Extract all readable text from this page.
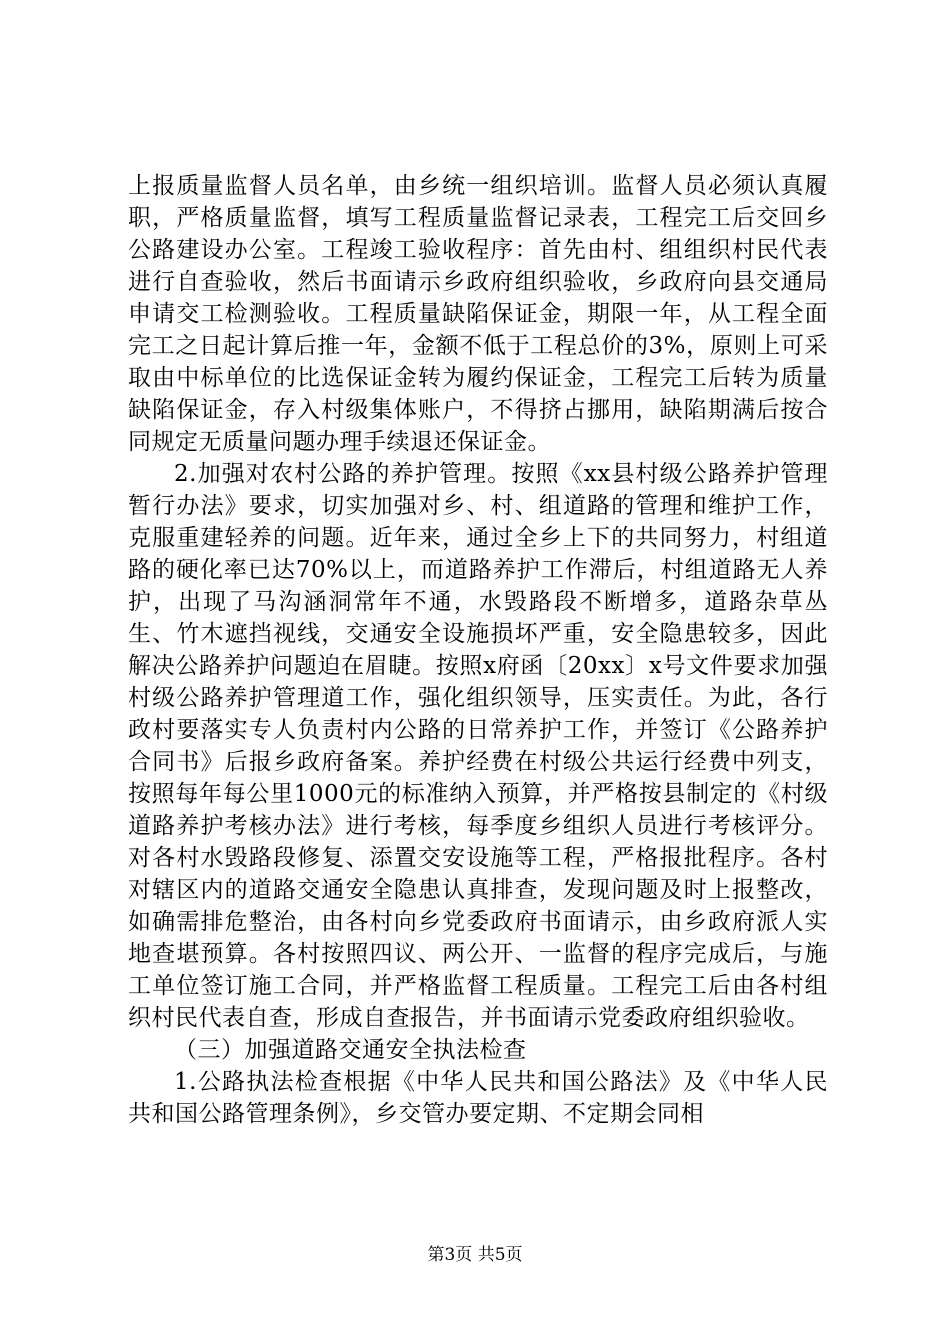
上报质量监督人员名单，由乡统一组织培训。监督人员必须认真履职，严格质量监督，填写工程质量监督记录表，工程完工后交回乡公路建设办公室。工程竣工验收程序：首先由村、组组织村民代表进行自查验收，然后书面请示乡政府组织验收，乡政府向县交通局申请交工检测验收。工程质量缺陷保证金，期限一年，从工程全面完工之日起计算后推一年，金额不低于工程总价的3%，原则上可采取由中标单位的比选保证金转为履约保证金，工程完工后转为质量缺陷保证金，存入村级集体账户，不得挤占挪用，缺陷期满后按合同规定无质量问题办理手续退还保证金。

2.加强对农村公路的养护管理。按照《xx县村级公路养护管理暂行办法》要求，切实加强对乡、村、组道路的管理和维护工作，克服重建轻养的问题。近年来，通过全乡上下的共同努力，村组道路的硬化率已达70%以上，而道路养护工作滞后，村组道路无人养护，出现了马沟涵洞常年不通，水毁路段不断增多，道路杂草丛生、竹木遮挡视线，交通安全设施损坏严重，安全隐患较多，因此解决公路养护问题迫在眉睫。按照x府函〔20xx〕x号文件要求加强村级公路养护管理道工作，强化组织领导，压实责任。为此，各行政村要落实专人负责村内公路的日常养护工作，并签订《公路养护合同书》后报乡政府备案。养护经费在村级公共运行经费中列支，按照每年每公里1000元的标准纳入预算，并严格按县制定的《村级道路养护考核办法》进行考核，每季度乡组织人员进行考核评分。对各村水毁路段修复、添置交安设施等工程，严格报批程序。各村对辖区内的道路交通安全隐患认真排查，发现问题及时上报整改，如确需排危整治，由各村向乡党委政府书面请示，由乡政府派人实地查堪预算。各村按照四议、两公开、一监督的程序完成后，与施工单位签订施工合同，并严格监督工程质量。工程完工后由各村组织村民代表自查，形成自查报告，并书面请示党委政府组织验收。

（三）加强道路交通安全执法检查

1.公路执法检查根据《中华人民共和国公路法》及《中华人民共和国公路管理条例》，乡交管办要定期、不定期会同相

第3页 共5页
